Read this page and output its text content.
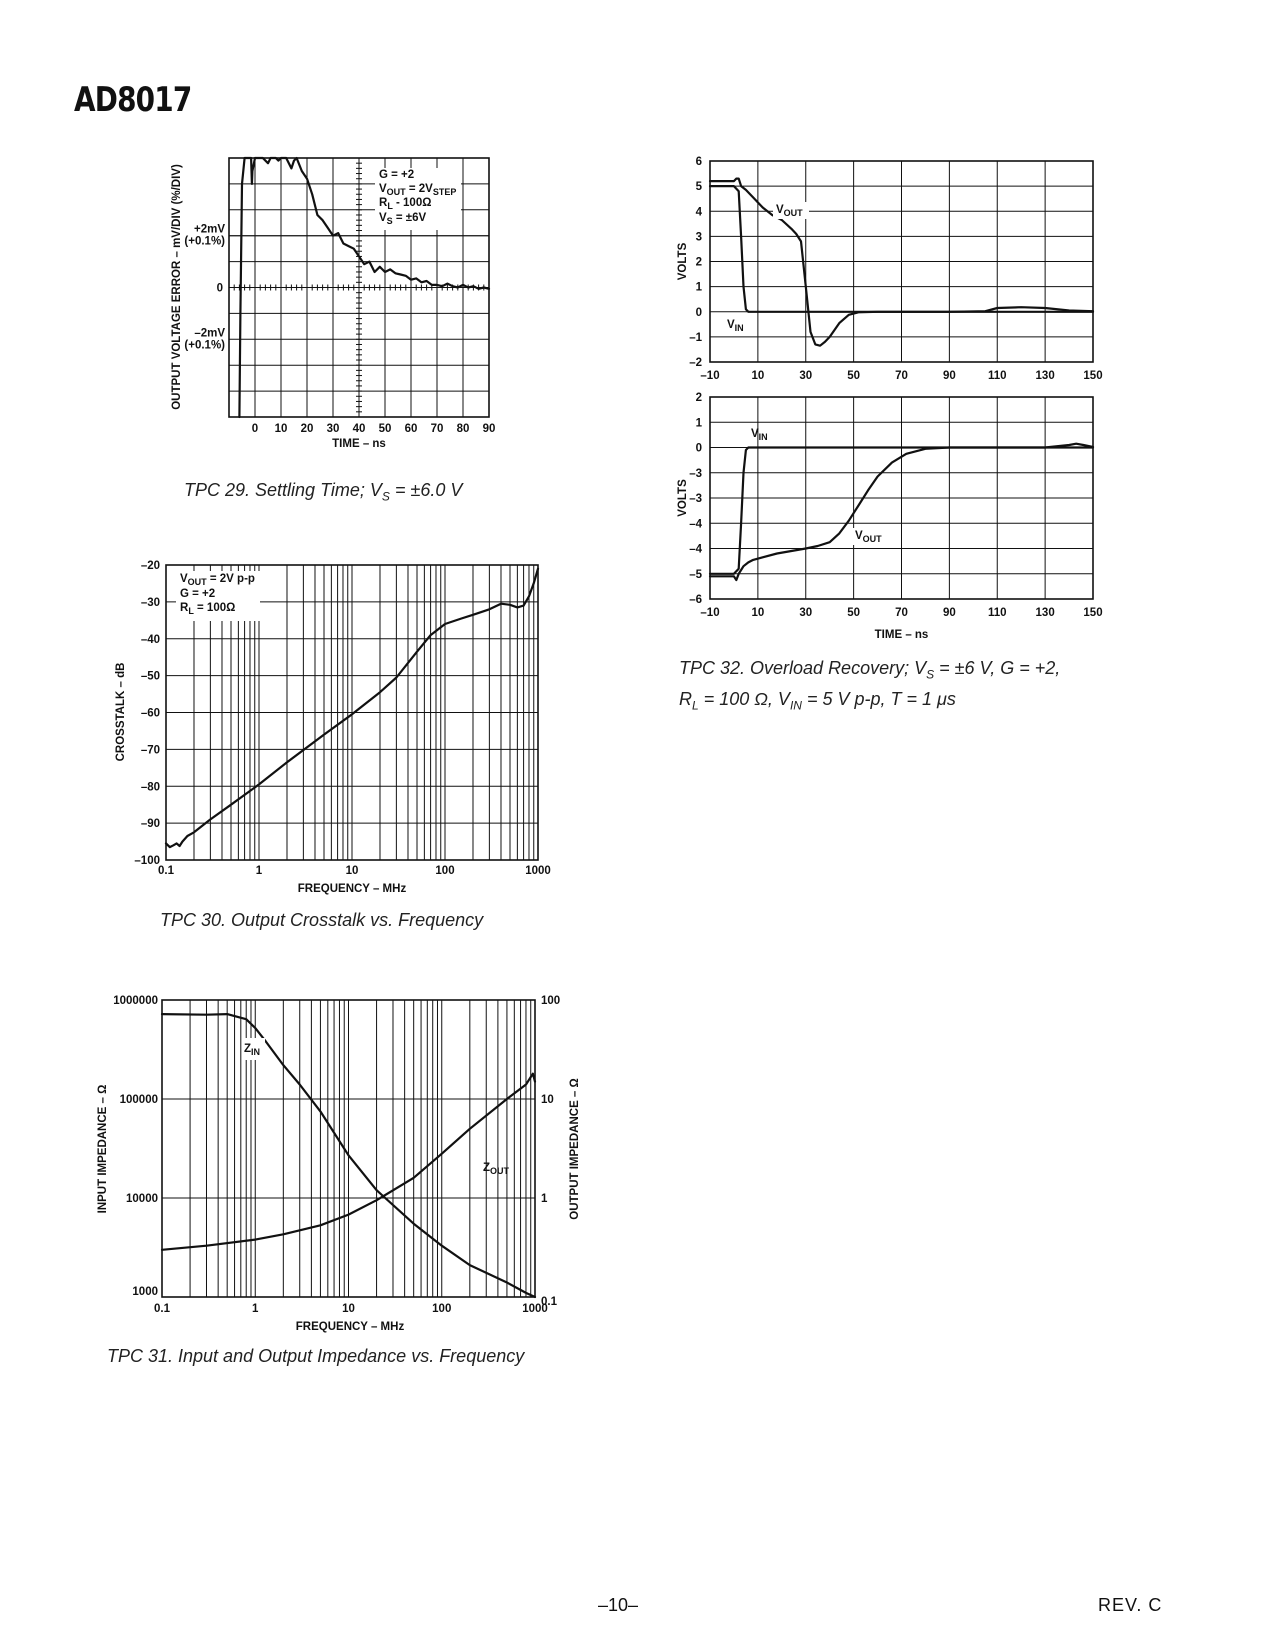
AD8017
G = +2
$V_{OUT} = 2V_{STEP}$
$R_L - 100\Omega$
$V_S = \pm 6V$
0 10 20 30 40 50 60 70 80 90
+2mV
(+0.1%)
0
–2mV
(+0.1%)
TIME – ns
OUTPUT VOLTAGE ERROR – mV/DIV (%/DIV)
$V_{OUT} = 2V$ p-p
G = +2
$R_L = 100\Omega$
0.1	1	10	100	1000
–20
–30
–40
–50
–60
–70
–80
–90
–100
FREQUENCY – MHz
CROSSTALK – dB
$Z_{IN}$
$Z_{OUT}$
0.1	1	10	100	1000
1000
10000
100000
1000000
0.1
1
10
100
FREQUENCY – MHz
INPUT IMPEDANCE – Ω	OUTPUT IMPEDANCE – Ω
6
5
4
3
2
1
0
–1
–2
–10	10	30	50	70	90	110	130 150
VOLTS
$V_{OUT}$
$V_{IN}$
2
1
0
–3
–3
–4
–4
–5
–6
–10	10	30	50	70	90	110	130 150
VOLTS
TIME – ns
$V_{IN}$
$V_{OUT}$
TPC 29. Settling Time; $V_S = \pm 6.0$ V
TPC 30. Output Crosstalk vs. Frequency
TPC 31. Input and Output Impedance vs. Frequency
TPC 32. Overload Recovery; $V_S = \pm 6$ V, G = +2,
$R_L = 100$ Ω, $V_{IN} = 5$ V p-p, T = 1 μs
–10–	REV. C
